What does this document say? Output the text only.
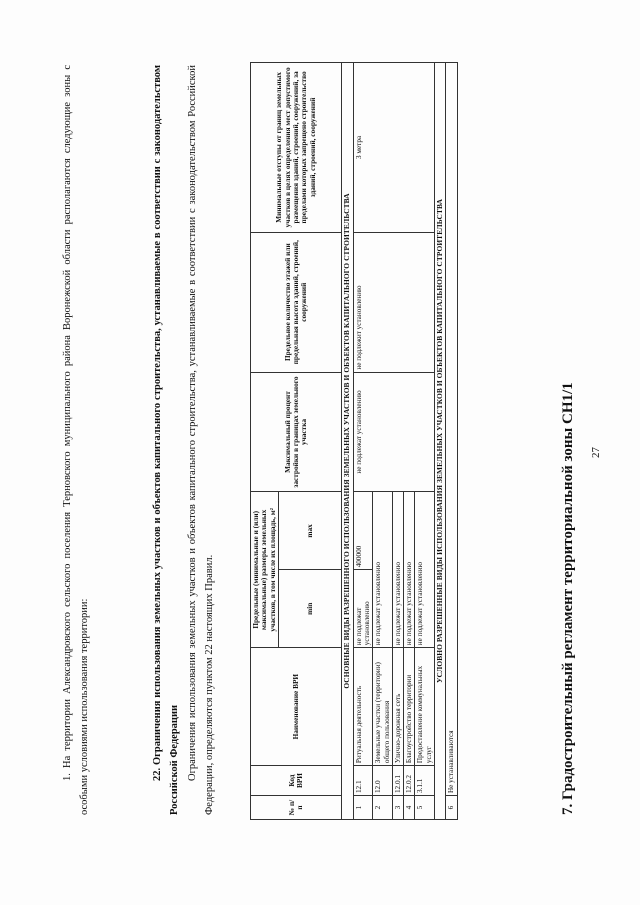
27
7. Градостроительный регламент территориальной зоны СН1/1
№ п/п	Код ВРИ	Наименование ВРИ	Предельные (минимальные и (или) максимальные) размеры земельных участков, в том числе их площадь, м²		Максимальный процент застройки в границах земельного участка	Предельное количество этажей или предельная высота зданий, строений, сооружений	Минимальные отступы от границ земельных участков в целях определения мест допустимого размещения зданий, строений, сооружений, за пределами которых запрещено строительство зданий, строений, сооружений
			min	max			
ОСНОВНЫЕ ВИДЫ РАЗРЕШЕННОГО ИСПОЛЬЗОВАНИЯ ЗЕМЕЛЬНЫХ УЧАСТКОВ И ОБЪЕКТОВ КАПИТАЛЬНОГО СТРОИТЕЛЬСТВА							
1	12.1	Ритуальная деятельность	не подлежат установлению	400000	не подлежат установлению	не подлежит установлению	3 метра
2	12.0	Земельные участки (территории) общего пользования	не подлежат установлению				
3	12.0.1	Улично-дорожная сеть	не подлежат установлению				
4	12.0.2	Благоустройство территории	не подлежат установлению				
5	3.1.1	Предоставление коммунальных услуг	не подлежат установлению				
УСЛОВНО РАЗРЕШЕННЫЕ ВИДЫ ИСПОЛЬЗОВАНИЯ ЗЕМЕЛЬНЫХ УЧАСТКОВ И ОБЪЕКТОВ КАПИТАЛЬНОГО СТРОИТЕЛЬСТВА							
6	Не устанавливаются						
Ограничения использования земельных участков и объектов капитального строительства, устанавливаемые в соответствии с законодательством Российской Федерации, определяются пунктом 22 настоящих Правил.
22. Ограничения использования земельных участков и объектов капитального строительства, устанавливаемые в соответствии с законодательством Российской Федерации
1. На территории Александровского сельского поселения Терновского муниципального района Воронежской области располагаются следующие зоны с особыми условиями использования территории:
